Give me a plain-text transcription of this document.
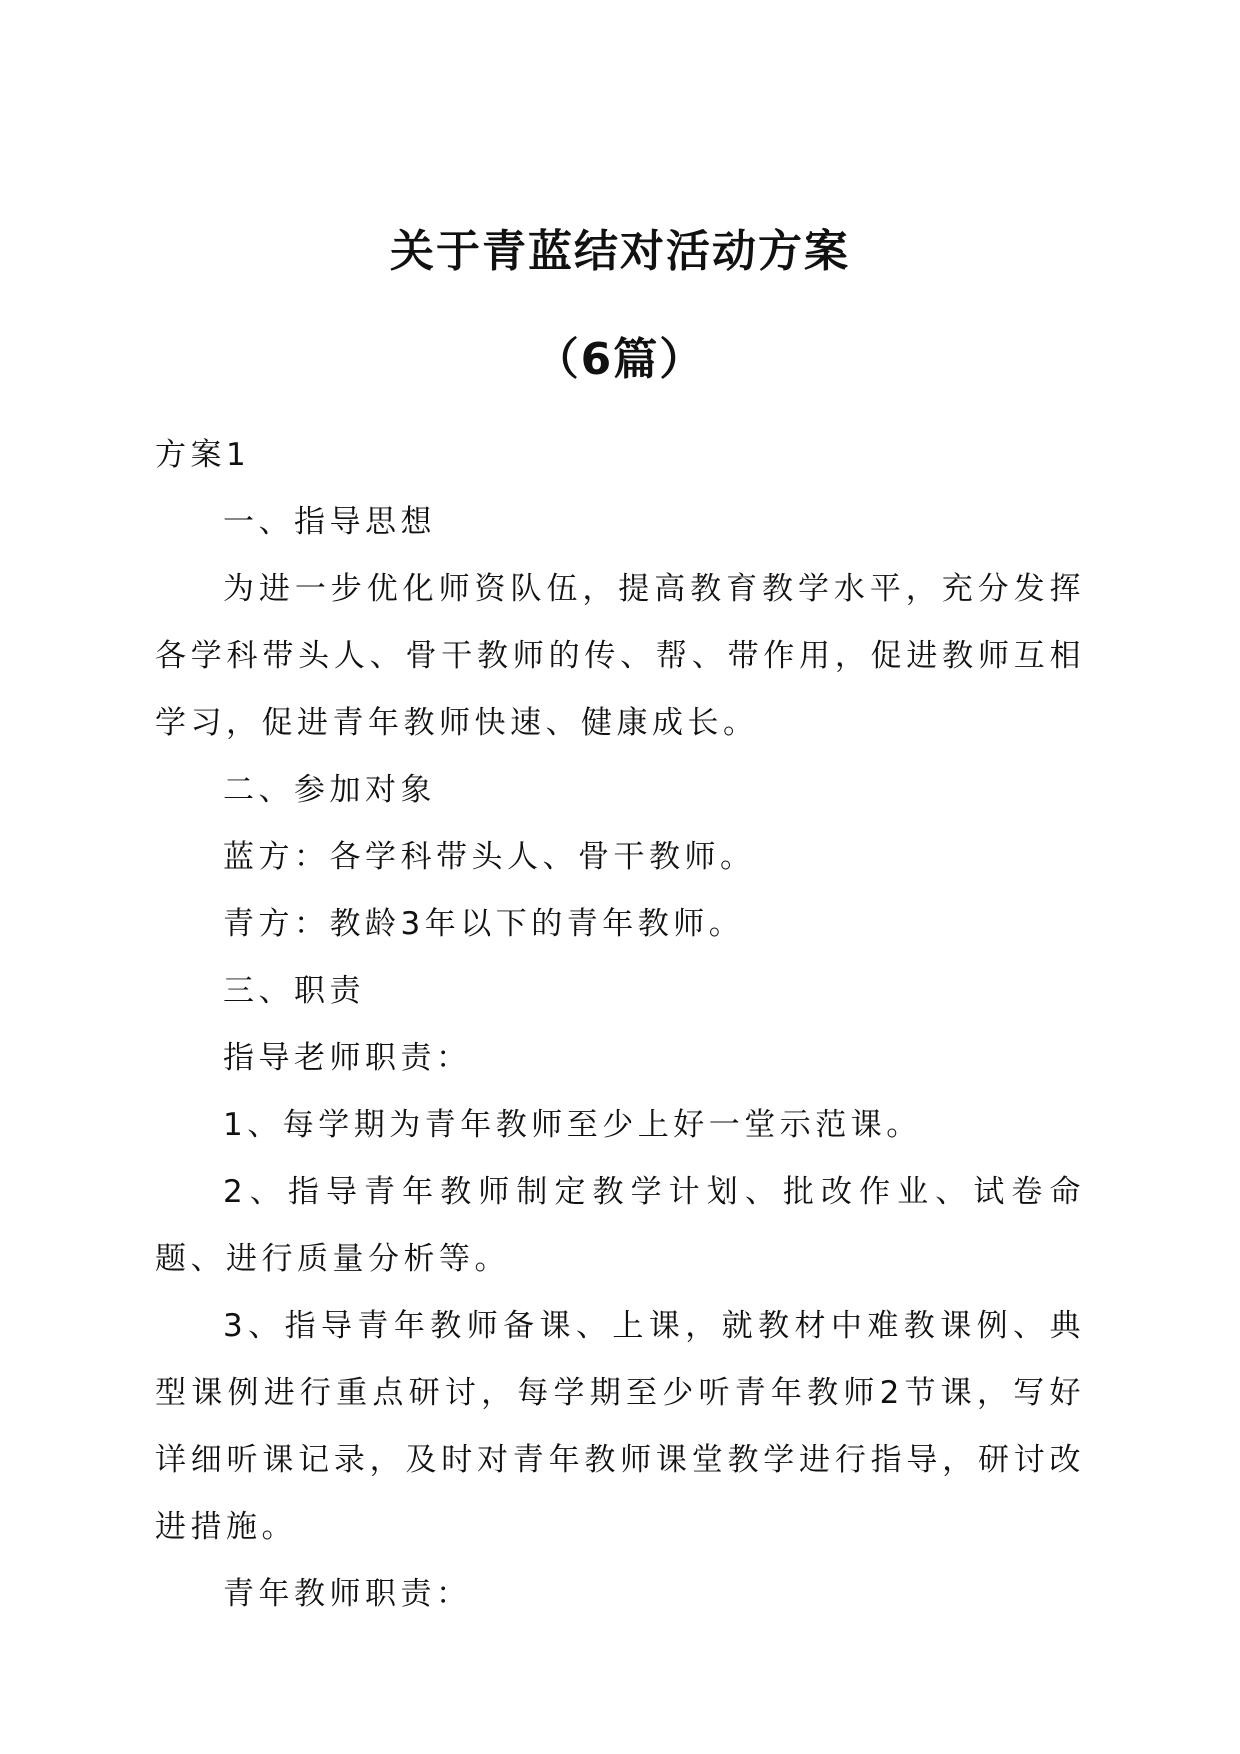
关于青蓝结对活动方案
（6篇）

方案1

一、指导思想

为进一步优化师资队伍，提高教育教学水平，充分发挥各学科带头人、骨干教师的传、帮、带作用，促进教师互相学习，促进青年教师快速、健康成长。

二、参加对象

蓝方：各学科带头人、骨干教师。

青方：教龄3年以下的青年教师。

三、职责

指导老师职责：

1、每学期为青年教师至少上好一堂示范课。

2、指导青年教师制定教学计划、批改作业、试卷命题、进行质量分析等。

3、指导青年教师备课、上课，就教材中难教课例、典型课例进行重点研讨，每学期至少听青年教师2节课，写好详细听课记录，及时对青年教师课堂教学进行指导，研讨改进措施。

青年教师职责：
